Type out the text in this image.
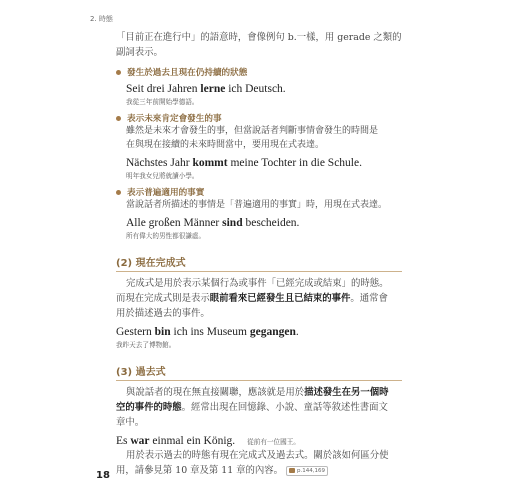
2. 時態

「目前正在進行中」的語意時，會像例句 b.一樣，用 gerade 之類的

副詞表示。

發生於過去且現在仍持續的狀態

Seit drei Jahren lerne ich Deutsch.

我從三年前開始學德語。

表示未來肯定會發生的事

雖然是未來才會發生的事，但當說話者判斷事情會發生的時間是

在與現在接續的未來時間當中，要用現在式表達。

Nächstes Jahr kommt meine Tochter in die Schule.

明年我女兒將就讀小學。

表示普遍適用的事實

當說話者所描述的事情是「普遍適用的事實」時，用現在式表達。

Alle großen Männer sind bescheiden.

所有偉大的男性都很謙虛。

(2) 現在完成式

完成式是用於表示某個行為或事件「已經完成或結束」的時態。

而現在完成式則是表示眼前看來已經發生且已結束的事件。通常會

用於描述過去的事件。

Gestern bin ich ins Museum gegangen.

我昨天去了博物館。

(3) 過去式

與說話者的現在無直接關聯，應該就是用於描述發生在另一個時

空的事件的時態。經常出現在回憶錄、小說、童話等敘述性書面文

章中。

Es war einmal ein König. 從前有一位國王。

用於表示過去的時態有現在完成式及過去式。關於該如何區分使

用，請參見第 10 章及第 11 章的內容。	p.144,169

18
